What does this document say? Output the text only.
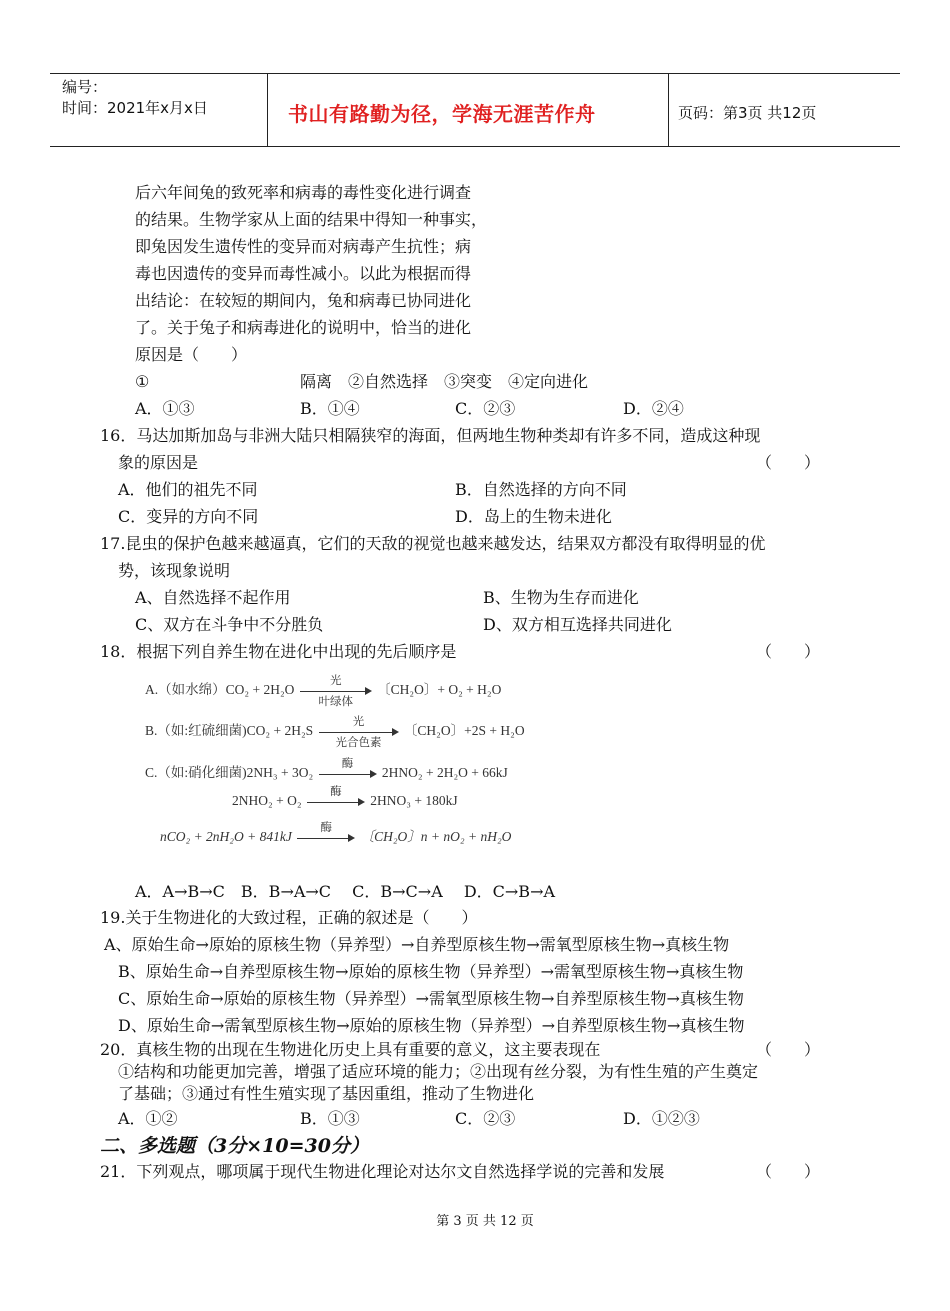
编号：
时间：2021年x月x日	书山有路勤为径，学海无涯苦作舟	页码：第3页 共12页
后六年间兔的致死率和病毒的毒性变化进行调查
的结果。生物学家从上面的结果中得知一种事实，
即兔因发生遗传性的变异而对病毒产生抗性；病
毒也因遗传的变异而毒性减小。以此为根据而得
出结论：在较短的期间内，兔和病毒已协同进化
了。关于兔子和病毒进化的说明中，恰当的进化
原因是（　　）
①	隔离　②自然选择　③突变　④定向进化
A．①③	B．①④	C．②③	D．②④
16．马达加斯加岛与非洲大陆只相隔狭窄的海面，但两地生物种类却有许多不同，造成这种现
象的原因是	（　　）
A．他们的祖先不同	B．自然选择的方向不同
C．变异的方向不同	D．岛上的生物未进化
17.昆虫的保护色越来越逼真，它们的天敌的视觉也越来越发达，结果双方都没有取得明显的优
势，该现象说明
A、自然选择不起作用	B、生物为生存而进化
C、双方在斗争中不分胜负	D、双方相互选择共同进化
18．根据下列自养生物在进化中出现的先后顺序是	（　　）
A.（如水绵）CO₂ + 2H₂O
光
叶绿体
〔CH₂O〕+ O₂ + H₂O
B.（如:红硫细菌)CO₂ + 2H₂S
光
光合色素
〔CH₂O〕+2S + H₂O
C.（如:硝化细菌)2NH₃ + 3O₂
酶
2HNO₂ + 2H₂O + 66kJ
2NHO₂ + O₂
酶
2HNO₃ + 180kJ
nCO₂ + 2nH₂O + 841kJ
酶
〔CH₂O〕n + nO₂ + nH₂O
A．A→B→C　B．B→A→C　 C．B→C→A　 D．C→B→A
19.关于生物进化的大致过程，正确的叙述是（　　）
A、原始生命→原始的原核生物（异养型）→自养型原核生物→需氧型原核生物→真核生物
B、原始生命→自养型原核生物→原始的原核生物（异养型）→需氧型原核生物→真核生物
C、原始生命→原始的原核生物（异养型）→需氧型原核生物→自养型原核生物→真核生物
D、原始生命→需氧型原核生物→原始的原核生物（异养型）→自养型原核生物→真核生物
20．真核生物的出现在生物进化历史上具有重要的意义，这主要表现在	（　　）
①结构和功能更加完善，增强了适应环境的能力；②出现有丝分裂，为有性生殖的产生奠定
了基础；③通过有性生殖实现了基因重组，推动了生物进化
A．①②	B．①③	C．②③	D．①②③
二、多选题（3分×10=30分）
21．下列观点，哪项属于现代生物进化理论对达尔文自然选择学说的完善和发展	（　　）
第 3 页 共 12 页
